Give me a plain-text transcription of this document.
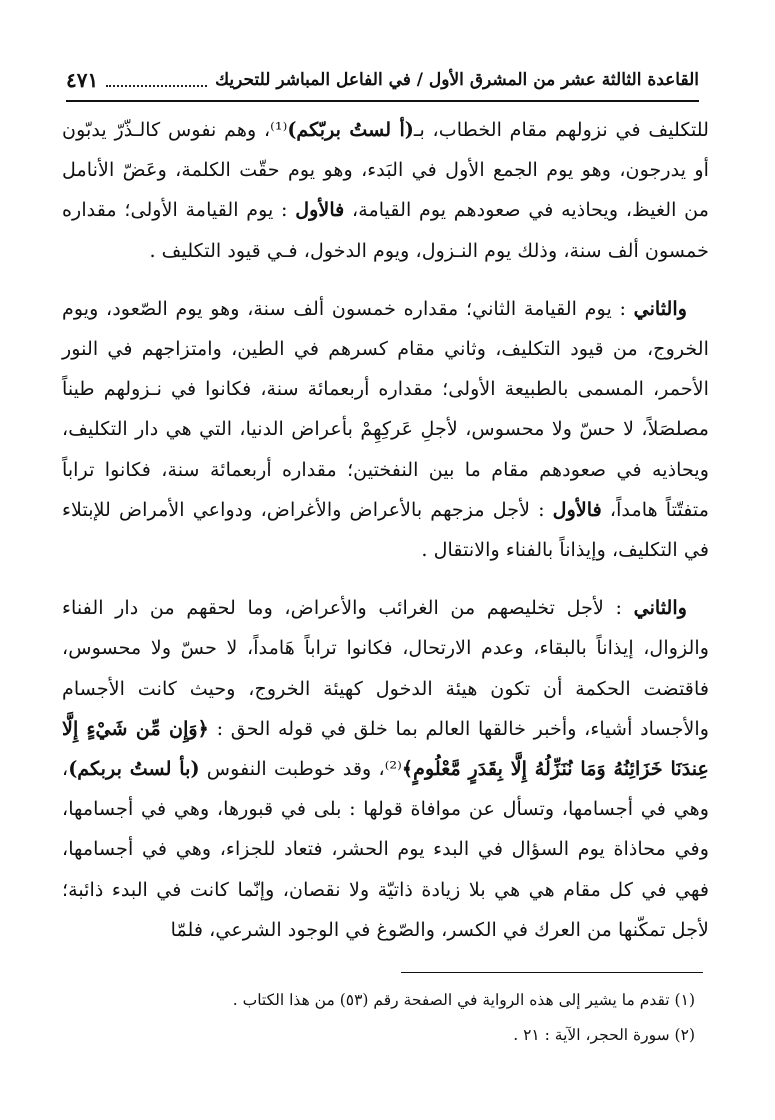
القاعدة الثالثة عشر من المشرق الأول / في الفاعل المباشر للتحريك
٤٧١

للتكليف في نزولهم مقام الخطاب، بـ(أ لستُ بربّكم)⁽¹⁾، وهم نفوس كالـذّرّ يدبّون أو يدرجون، وهو يوم الجمع الأول في البَدء، وهو يوم حقّت الكلمة، وعَضّ الأنامل من الغيظ، ويحاذيه في صعودهم يوم القيامة، فالأول : يوم القيامة الأولى؛ مقداره خمسون ألف سنة، وذلك يوم النـزول، ويوم الدخول، فـي قيود التكليف .

والثاني : يوم القيامة الثاني؛ مقداره خمسون ألف سنة، وهو يوم الصّعود، ويوم الخروج، من قيود التكليف، وثاني مقام كسرهم في الطين، وامتزاجهم في النور الأحمر، المسمى بالطبيعة الأولى؛ مقداره أربعمائة سنة، فكانوا في نـزولهم طيناً مصلصَلاً، لا حسّ ولا محسوس، لأجلِ عَركِهِمْ بأعراض الدنيا، التي هي دار التكليف، ويحاذيه في صعودهم مقام ما بين النفختين؛ مقداره أربعمائة سنة، فكانوا تراباً متفتّتاً هامداً، فالأول : لأجل مزجهم بالأعراض والأغراض، ودواعي الأمراض للإبتلاء في التكليف، وإيذاناً بالفناء والانتقال .

والثاني : لأجل تخليصهم من الغرائب والأعراض، وما لحقهم من دار الفناء والزوال، إيذاناً بالبقاء، وعدم الارتحال، فكانوا تراباً هَامداً، لا حسّ ولا محسوس، فاقتضت الحكمة أن تكون هيئة الدخول كهيئة الخروج، وحيث كانت الأجسام والأجساد أشياء، وأخبر خالقها العالم بما خلق في قوله الحق : ﴿وَإِن مِّن شَيْءٍ إِلَّا عِندَنَا خَزَائِنُهُ وَمَا نُنَزِّلُهُ إِلَّا بِقَدَرٍ مَّعْلُومٍ﴾⁽²⁾، وقد خوطبت النفوس (بأ لستُ بربكم)، وهي في أجسامها، وتسأل عن موافاة قولها : بلى في قبورها، وهي في أجسامها، وفي محاذاة يوم السؤال في البدء يوم الحشر، فتعاد للجزاء، وهي في أجسامها، فهي في كل مقام هي هي بلا زيادة ذاتيّة ولا نقصان، وإنّما كانت في البدء ذائبة؛ لأجل تمكّنها من العرك في الكسر، والصّوغ في الوجود الشرعي، فلمّا

(١) تقدم ما يشير إلى هذه الرواية في الصفحة رقم (٥٣) من هذا الكتاب .
(٢) سورة الحجر، الآية : ٢١ .
